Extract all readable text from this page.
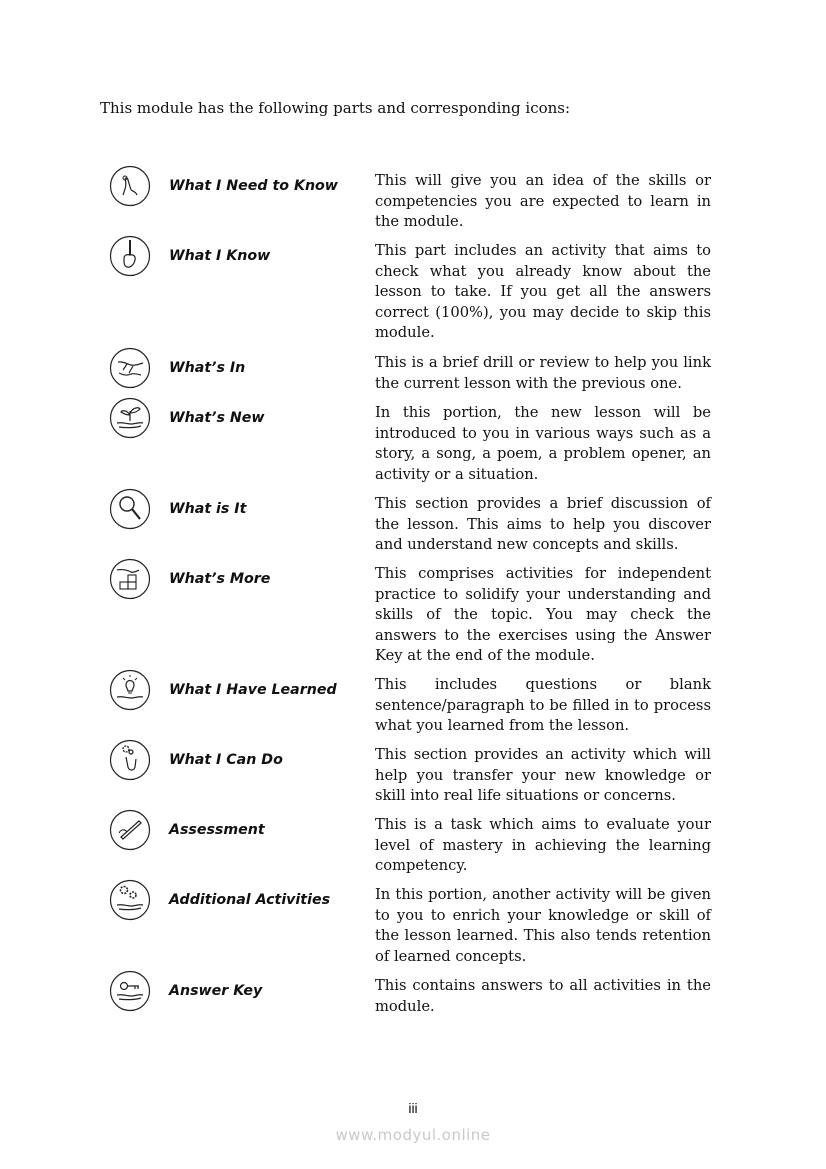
This module has the following parts and corresponding icons:

What I Need to Know	This will give you an idea of the skills or competencies you are expected to learn in the module.

What I Know	This part includes an activity that aims to check what you already know about the lesson to take. If you get all the answers correct (100%), you may decide to skip this module.

What’s In	This is a brief drill or review to help you link the current lesson with the previous one.

What’s New	In this portion, the new lesson will be introduced to you in various ways such as a story, a song, a poem, a problem opener, an activity or a situation.

What is It	This section provides a brief discussion of the lesson. This aims to help you discover and understand new concepts and skills.

What’s More	This comprises activities for independent practice to solidify your understanding and skills of the topic. You may check the answers to the exercises using the Answer Key at the end of the module.

What I Have Learned	This includes questions or blank sentence/paragraph to be filled in to process what you learned from the lesson.

What I Can Do	This section provides an activity which will help you transfer your new knowledge or skill into real life situations or concerns.

Assessment	This is a task which aims to evaluate your level of mastery in achieving the learning competency.

Additional Activities	In this portion, another activity will be given to you to enrich your knowledge or skill of the lesson learned. This also tends retention of learned concepts.

Answer Key	This contains answers to all activities in the module.

iii
www.modyul.online
